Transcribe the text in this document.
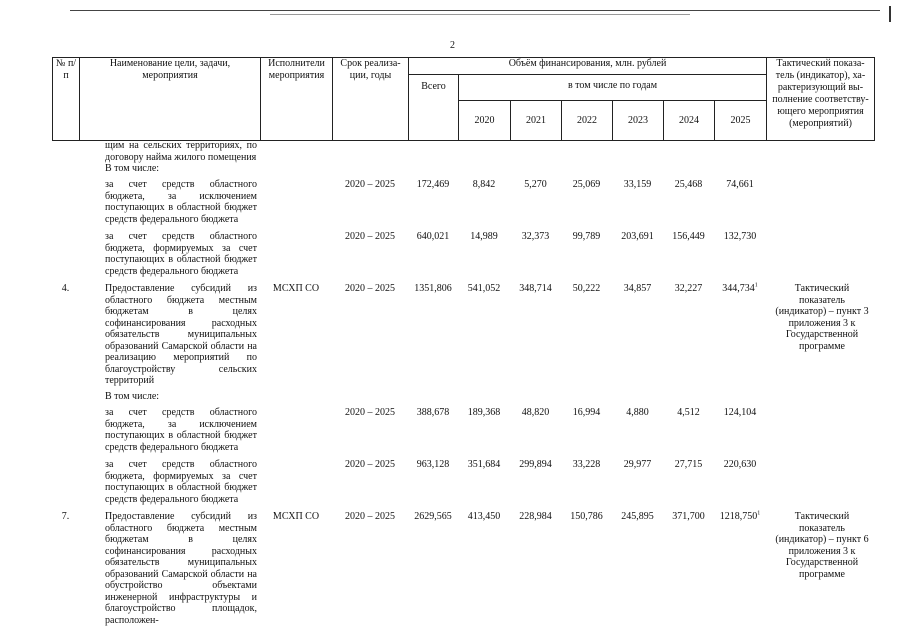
2
№ п/п	Наименование цели, задачи, мероприятия	Исполнители мероприятия	Срок реализа-ции, годы	Объём финансирования, млн. рублей							Тактический показа-тель (индикатор), ха-рактеризующий вы-полнение соответству-ющего мероприятия (мероприятий)
				Всего	в том числе по годам						
					2020	2021	2022	2023	2024	2025	
	щим на сельских территориях, по договору найма жилого помещения										
	В том числе:										
	за счет средств областного бюджета, за исключением поступающих в областной бюджет средств федерального бюджета		2020 – 2025	172,469	8,842	5,270	25,069	33,159	25,468	74,661	
	за счет средств областного бюджета, формируемых за счет поступающих в областной бюджет средств федерального бюджета		2020 – 2025	640,021	14,989	32,373	99,789	203,691	156,449	132,730	
4.	Предоставление субсидий из областного бюджета местным бюджетам в целях софинансирования расходных обязательств муниципальных образований Самарской области на реализацию мероприятий по благоустройству сельских территорий	МСХП СО	2020 – 2025	1351,806	541,052	348,714	50,222	34,857	32,227	344,734$^1$	Тактический показатель (индикатор) – пункт 3 приложения 3 к Государственной программе
	В том числе:										
	за счет средств областного бюджета, за исключением поступающих в областной бюджет средств федерального бюджета		2020 – 2025	388,678	189,368	48,820	16,994	4,880	4,512	124,104	
	за счет средств областного бюджета, формируемых за счет поступающих в областной бюджет средств федерального бюджета		2020 – 2025	963,128	351,684	299,894	33,228	29,977	27,715	220,630	
7.	Предоставление субсидий из областного бюджета местным бюджетам в целях софинансирования расходных обязательств муниципальных образований Самарской области на обустройство объектами инженерной инфраструктуры и благоустройство площадок, расположен-	МСХП СО	2020 – 2025	2629,565	413,450	228,984	150,786	245,895	371,700	1218,750$^1$	Тактический показатель (индикатор) – пункт 6 приложения 3 к Государственной программе
